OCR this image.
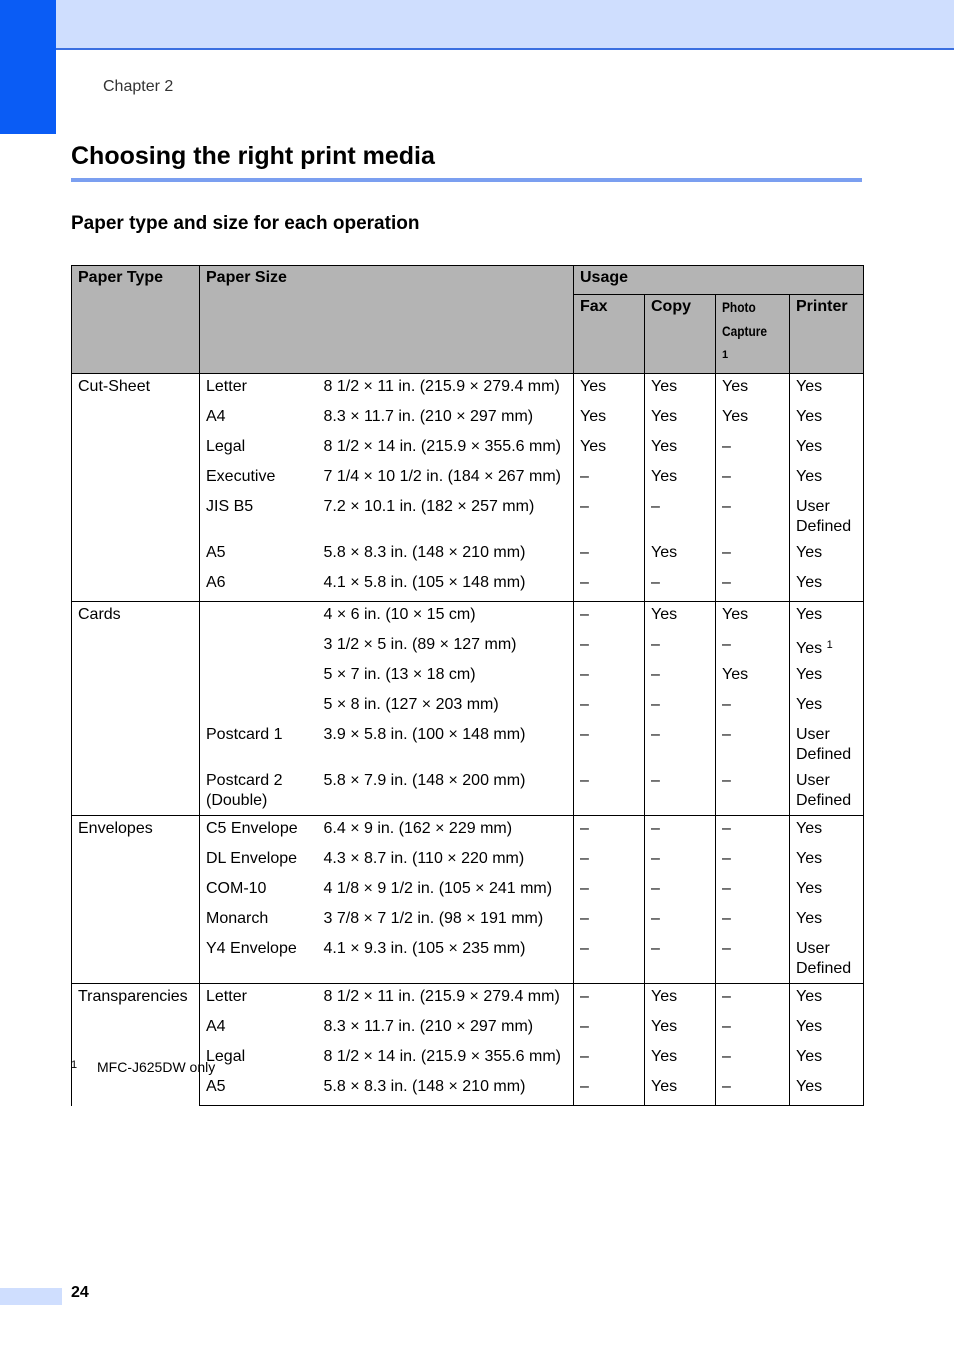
Chapter 2
Choosing the right print media
Paper type and size for each operation
Paper Type	Paper Size		Usage			
			Fax	Copy	Photo Capture $^1$	Printer
Cut-Sheet	Letter	8 1/2 × 11 in. (215.9 × 279.4 mm)	Yes	Yes	Yes	Yes
	A4	8.3 × 11.7 in. (210 × 297 mm)	Yes	Yes	Yes	Yes
	Legal	8 1/2 × 14 in. (215.9 × 355.6 mm)	Yes	Yes	–	Yes
	Executive	7 1/4 × 10 1/2 in. (184 × 267 mm)	–	Yes	–	Yes
	JIS B5	7.2 × 10.1 in. (182 × 257 mm)	–	–	–	User Defined
	A5	5.8 × 8.3 in. (148 × 210 mm)	–	Yes	–	Yes
	A6	4.1 × 5.8 in. (105 × 148 mm)	–	–	–	Yes
Cards		4 × 6 in. (10 × 15 cm)	–	Yes	Yes	Yes
		3 1/2 × 5 in. (89 × 127 mm)	–	–	–	Yes $^1$
		5 × 7 in. (13 × 18 cm)	–	–	Yes	Yes
		5 × 8 in. (127 × 203 mm)	–	–	–	Yes
	Postcard 1	3.9 × 5.8 in. (100 × 148 mm)	–	–	–	User Defined
	Postcard 2 (Double)	5.8 × 7.9 in. (148 × 200 mm)	–	–	–	User Defined
Envelopes	C5 Envelope	6.4 × 9 in. (162 × 229 mm)	–	–	–	Yes
	DL Envelope	4.3 × 8.7 in. (110 × 220 mm)	–	–	–	Yes
	COM-10	4 1/8 × 9 1/2 in. (105 × 241 mm)	–	–	–	Yes
	Monarch	3 7/8 × 7 1/2 in. (98 × 191 mm)	–	–	–	Yes
	Y4 Envelope	4.1 × 9.3 in. (105 × 235 mm)	–	–	–	User Defined
Transparencies	Letter	8 1/2 × 11 in. (215.9 × 279.4 mm)	–	Yes	–	Yes
	A4	8.3 × 11.7 in. (210 × 297 mm)	–	Yes	–	Yes
	Legal	8 1/2 × 14 in. (215.9 × 355.6 mm)	–	Yes	–	Yes
	A5	5.8 × 8.3 in. (148 × 210 mm)	–	Yes	–	Yes
$^1$ MFC-J625DW only
24
